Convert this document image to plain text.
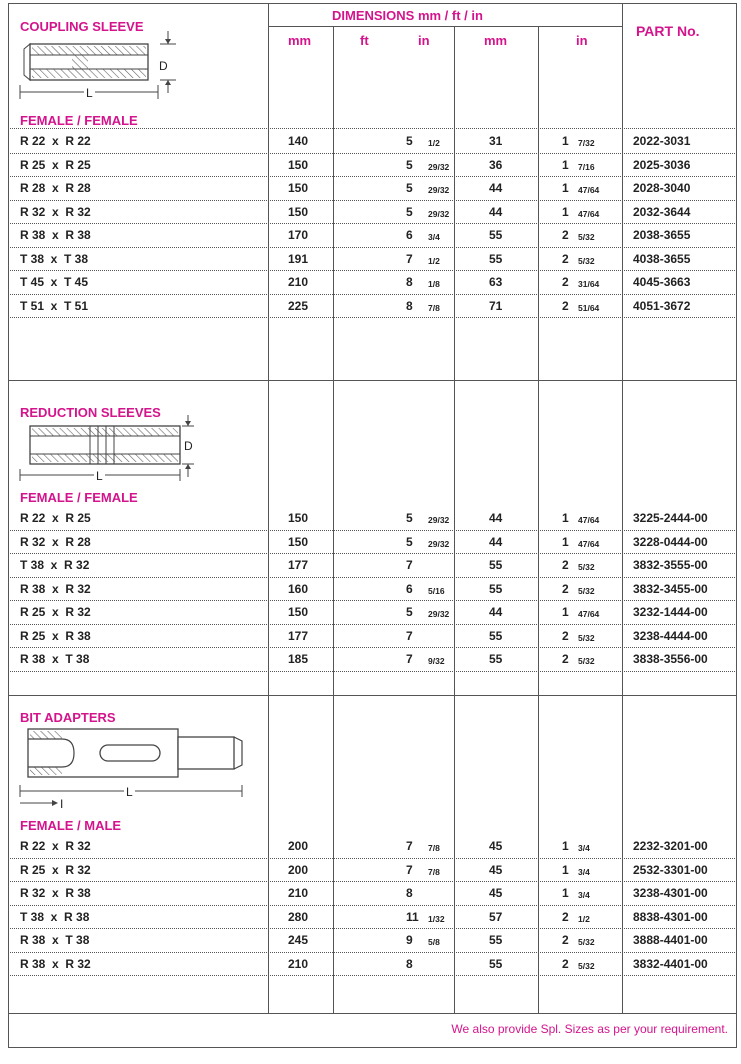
DIMENSIONS mm / ft / in
PART No.
mm	ft	in	mm	in
COUPLING SLEEVE
FEMALE / FEMALE
D
L
R 22  x  R 22	140	5 1/2	31	1 7/32	2022-3031
R 25  x  R 25	150	5 29/32	36	1 7/16	2025-3036
R 28  x  R 28	150	5 29/32	44	1 47/64	2028-3040
R 32  x  R 32	150	5 29/32	44	1 47/64	2032-3644
R 38  x  R 38	170	6 3/4	55	2 5/32	2038-3655
T 38  x  T 38	191	7 1/2	55	2 5/32	4038-3655
T 45  x  T 45	210	8 1/8	63	2 31/64	4045-3663
T 51  x  T 51	225	8 7/8	71	2 51/64	4051-3672
REDUCTION SLEEVES
FEMALE / FEMALE
D
L
R 22  x  R 25	150	5 29/32	44	1 47/64	3225-2444-00
R 32  x  R 28	150	5 29/32	44	1 47/64	3228-0444-00
T 38  x  R 32	177	7	55	2 5/32	3832-3555-00
R 38  x  R 32	160	6 5/16	55	2 5/32	3832-3455-00
R 25  x  R 32	150	5 29/32	44	1 47/64	3232-1444-00
R 25  x  R 38	177	7	55	2 5/32	3238-4444-00
R 38  x  T 38	185	7 9/32	55	2 5/32	3838-3556-00
BIT ADAPTERS
FEMALE / MALE
L
I
R 22  x  R 32	200	7 7/8	45	1 3/4	2232-3201-00
R 25  x  R 32	200	7 7/8	45	1 3/4	2532-3301-00
R 32  x  R 38	210	8	45	1 3/4	3238-4301-00
T 38  x  R 38	280	11 1/32	57	2 1/2	8838-4301-00
R 38  x  T 38	245	9 5/8	55	2 5/32	3888-4401-00
R 38  x  R 32	210	8	55	2 5/32	3832-4401-00
We also provide Spl. Sizes as per your requirement.
